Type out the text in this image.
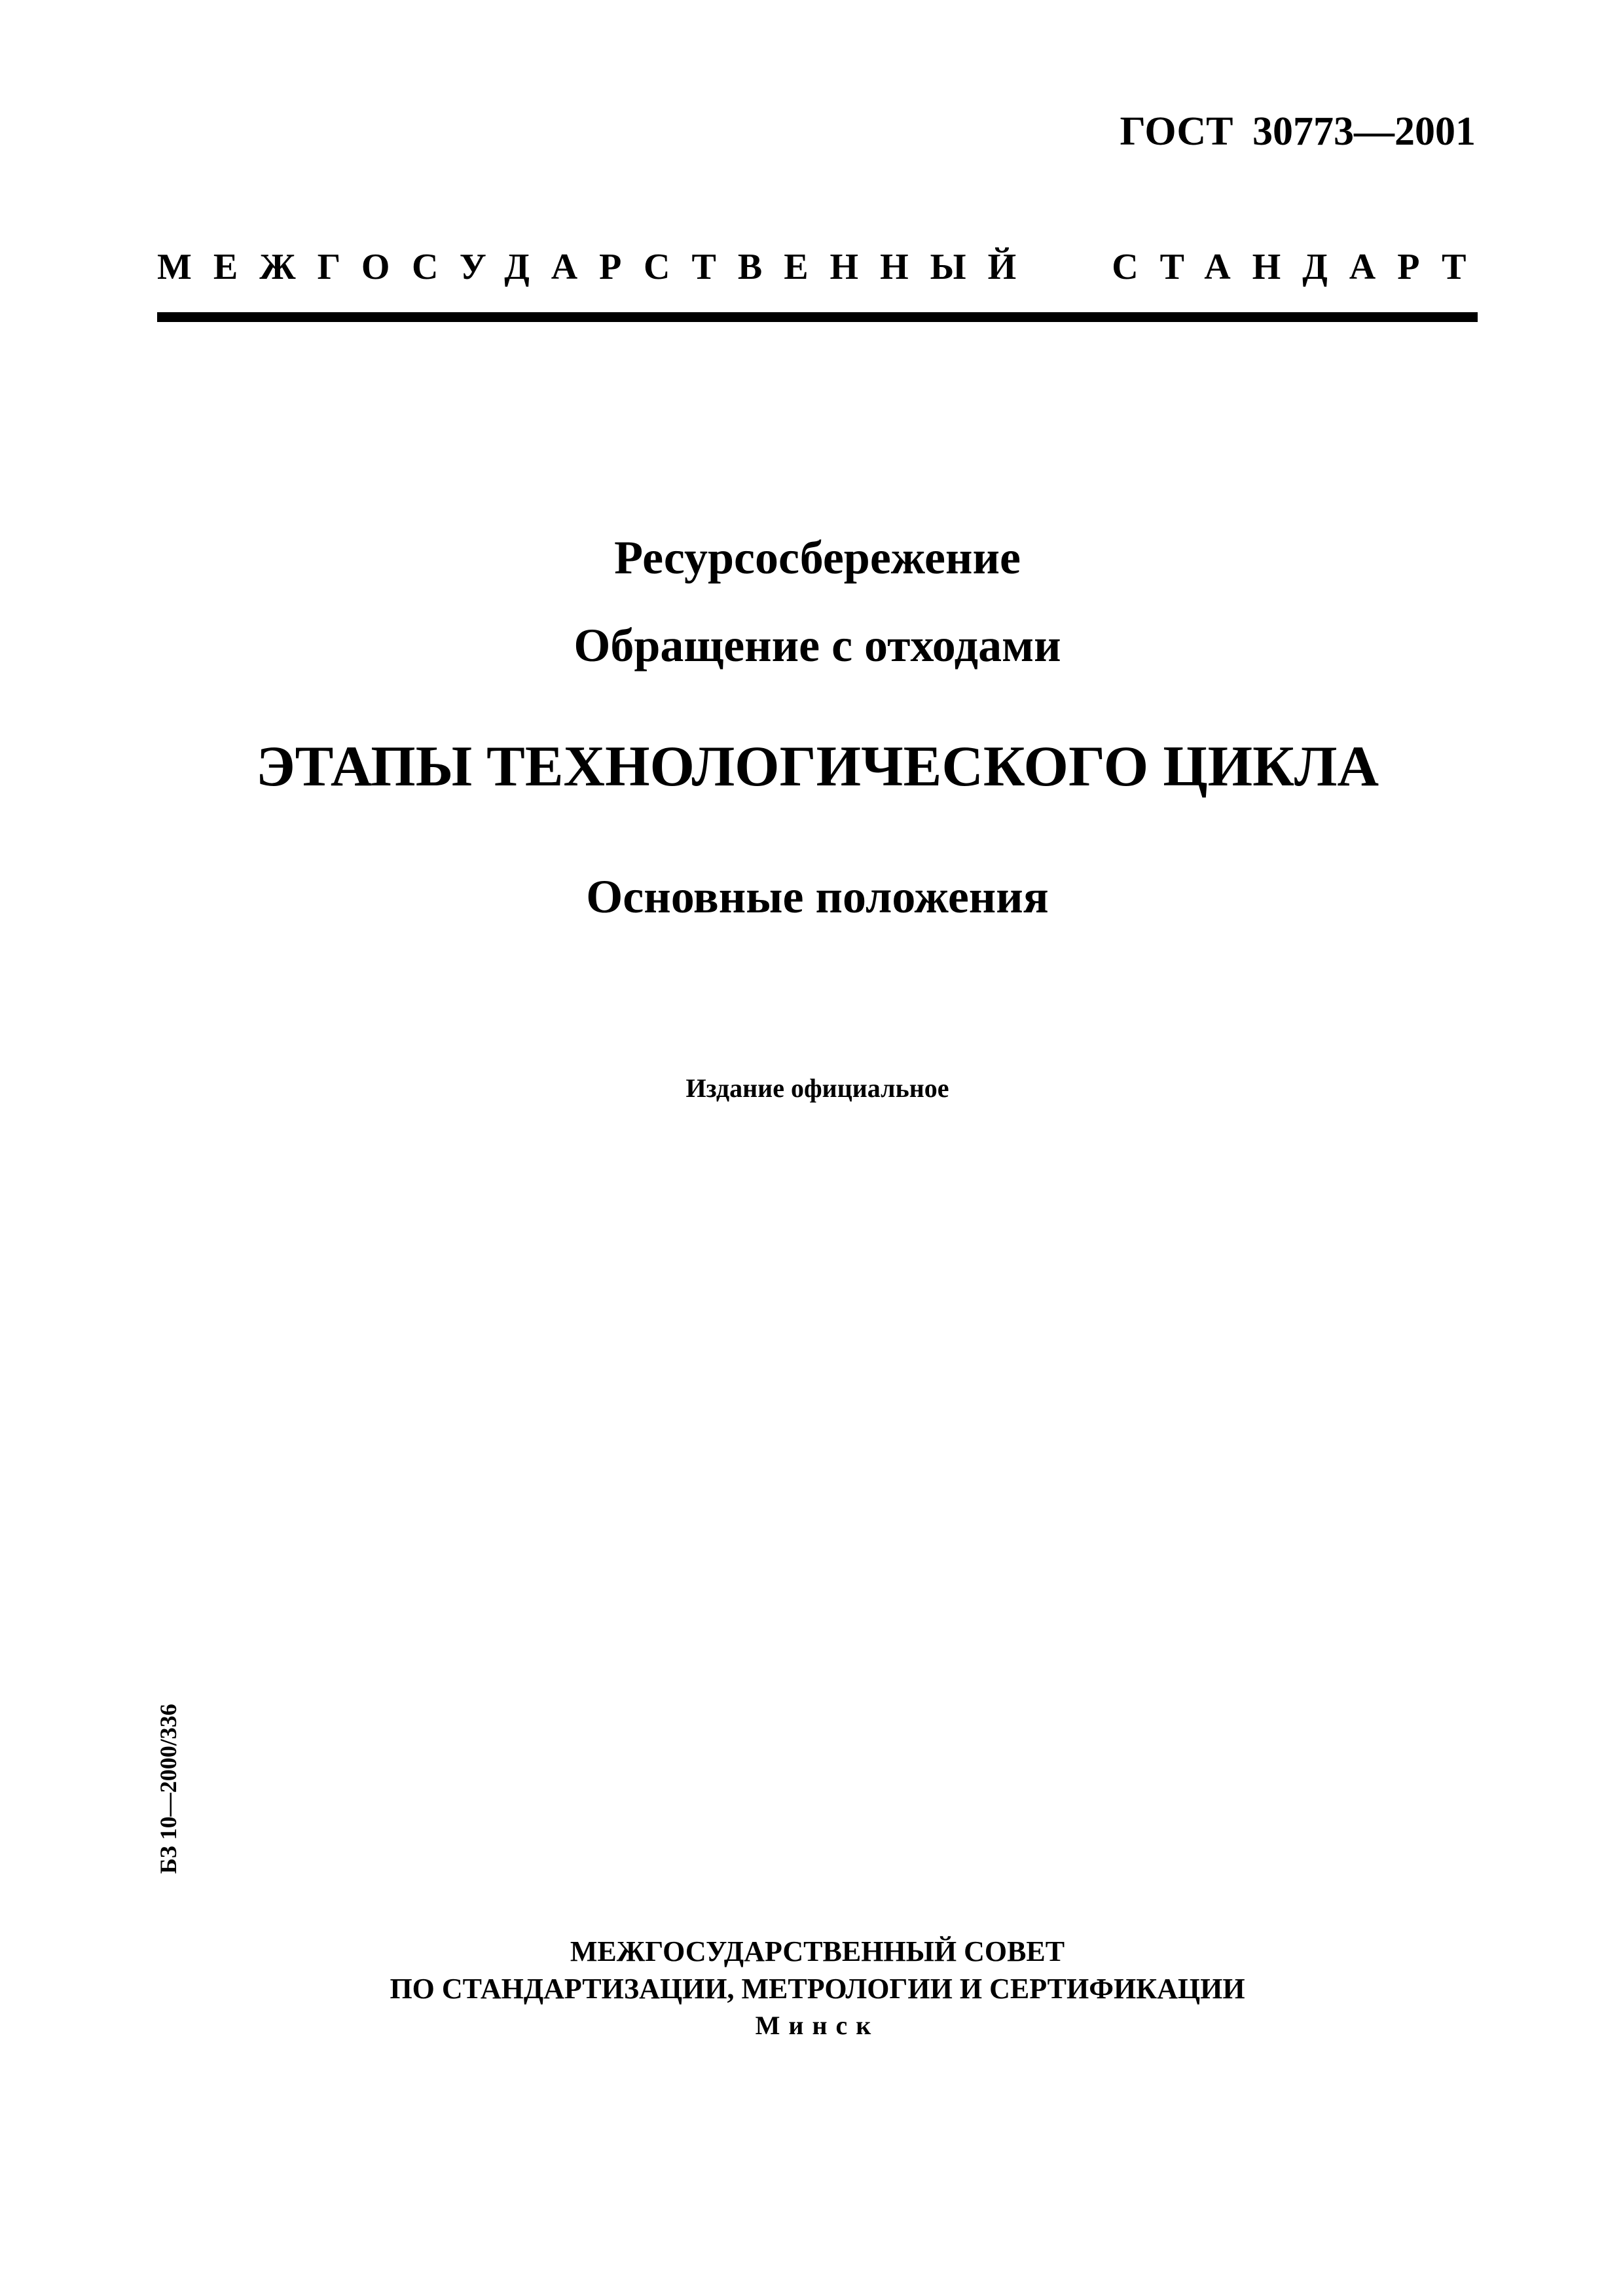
ГОСТ 30773—2001
МЕЖГОСУДАРСТВЕННЫЙ СТАНДАРТ
Ресурсосбережение
Обращение с отходами
ЭТАПЫ ТЕХНОЛОГИЧЕСКОГО ЦИКЛА
Основные положения
Издание официальное
БЗ 10—2000/336
МЕЖГОСУДАРСТВЕННЫЙ СОВЕТ
ПО СТАНДАРТИЗАЦИИ, МЕТРОЛОГИИ И СЕРТИФИКАЦИИ
Минск
